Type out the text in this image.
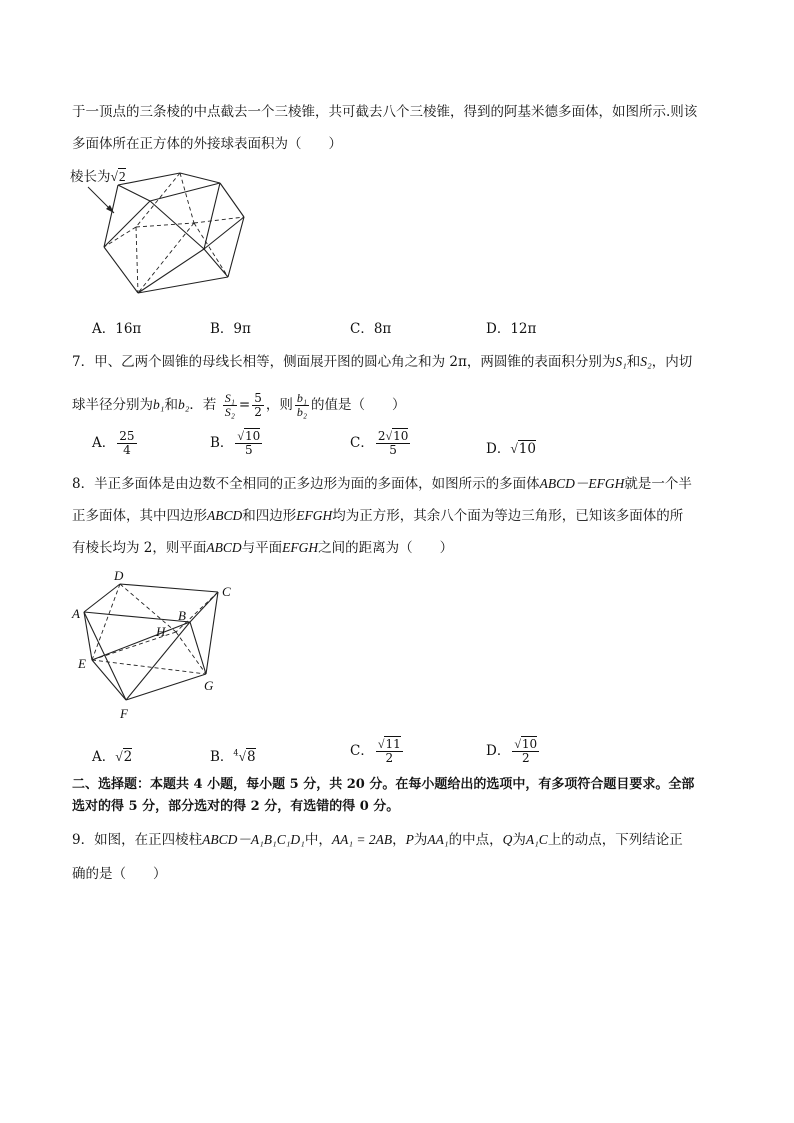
于一顶点的三条棱的中点截去一个三棱锥，共可截去八个三棱锥，得到的阿基米德多面体，如图所示.则该
多面体所在正方体的外接球表面积为（　　）
棱长为√2
A．16π	B．9π	C．8π	D．12π
7．甲、乙两个圆锥的母线长相等，侧面展开图的圆心角之和为 2π，两圆锥的表面积分别为S₁和S₂，内切
球半径分别为b₁和b₂．若 $\frac{\text{S₁}}{\text{S₂}} = \frac{5}{2}$ ，则 $\frac{\text{b₁}}{\text{b₂}}$ 的值是（　　）
A． $\frac{25}{4}$	B． $\frac{√10}{5}$	C． $\frac{2√10}{5}$	D．√10
8．半正多面体是由边数不全相同的正多边形为面的多面体，如图所示的多面体ABCD－EFGH就是一个半
正多面体，其中四边形ABCD和四边形EFGH均为正方形，其余八个面为等边三角形，已知该多面体的所
有棱长均为 2，则平面ABCD与平面EFGH之间的距离为（　　）
A
D
C
B
H
E
F
G
A．√2	B．$^4$√8	C． $\frac{√11}{2}$	D． $\frac{√10}{2}$
二、选择题：本题共 4 小题，每小题 5 分，共 20 分。在每小题给出的选项中，有多项符合题目要求。全部
选对的得 5 分，部分选对的得 2 分，有选错的得 0 分。
9．如图，在正四棱柱ABCD－A₁B₁C₁D₁中，AA₁ = 2AB，P为AA₁的中点，Q为A₁C上的动点，下列结论正
确的是（　　）
